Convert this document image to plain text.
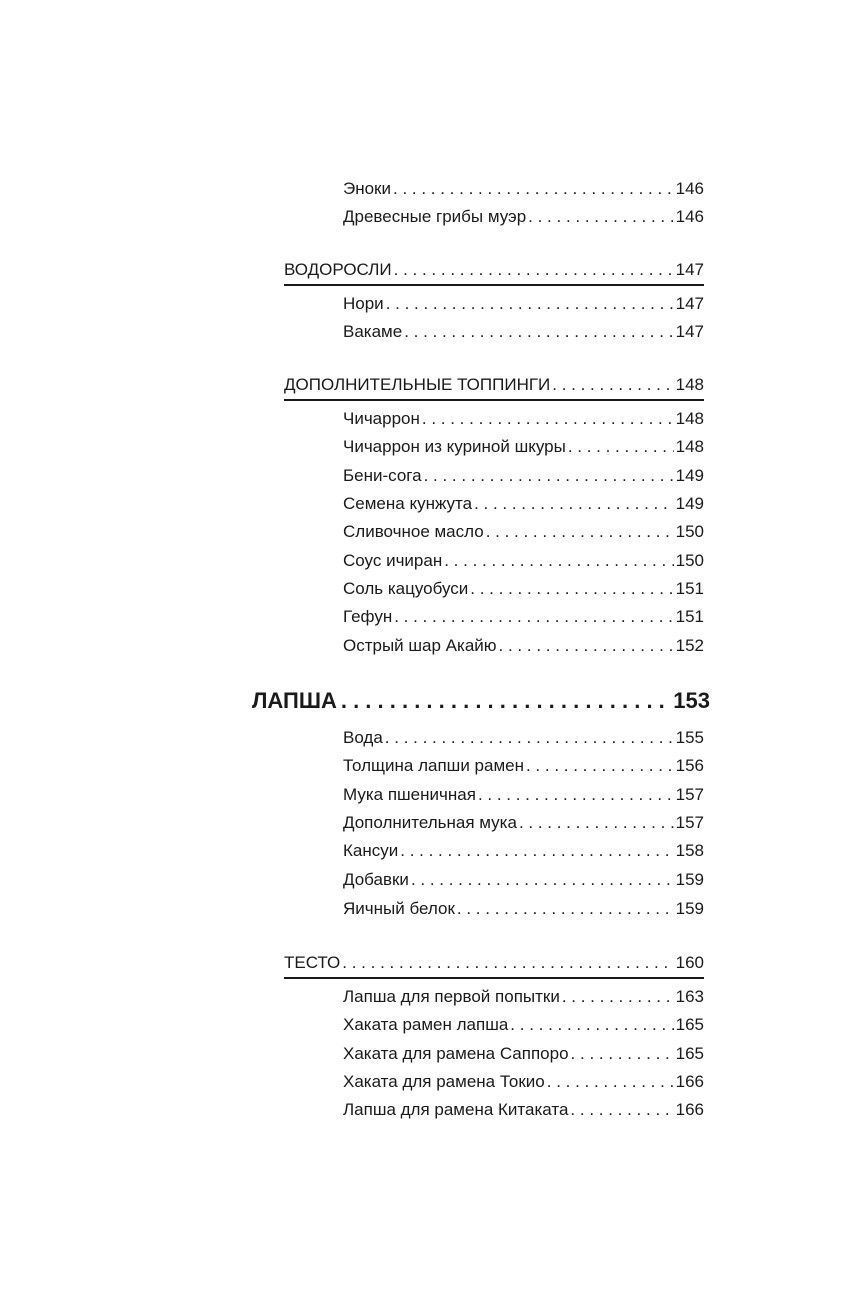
Эноки . . .	146
Древесные грибы муэр . . .	146
ВОДОРОСЛИ . . .	147
Нори . . .	147
Вакаме . . .	147
ДОПОЛНИТЕЛЬНЫЕ ТОППИНГИ . . .	148
Чичаррон . . .	148
Чичаррон из куриной шкуры . . .	148
Бени-сога . . .	149
Семена кунжута . . .	149
Сливочное масло . . .	150
Соус ичиран . . .	150
Соль кацуобуси . . .	151
Гефун . . .	151
Острый шар Акайю . . .	152
ЛАПША . . .	153
Вода . . .	155
Толщина лапши рамен . . .	156
Мука пшеничная . . .	157
Дополнительная мука . . .	157
Кансуи . . .	158
Добавки . . .	159
Яичный белок . . .	159
ТЕСТО . . .	160
Лапша для первой попытки . . .	163
Хаката рамен лапша . . .	165
Хаката для рамена Саппоро . . .	165
Хаката для рамена Токио . . .	166
Лапша для рамена Китаката . . .	166
